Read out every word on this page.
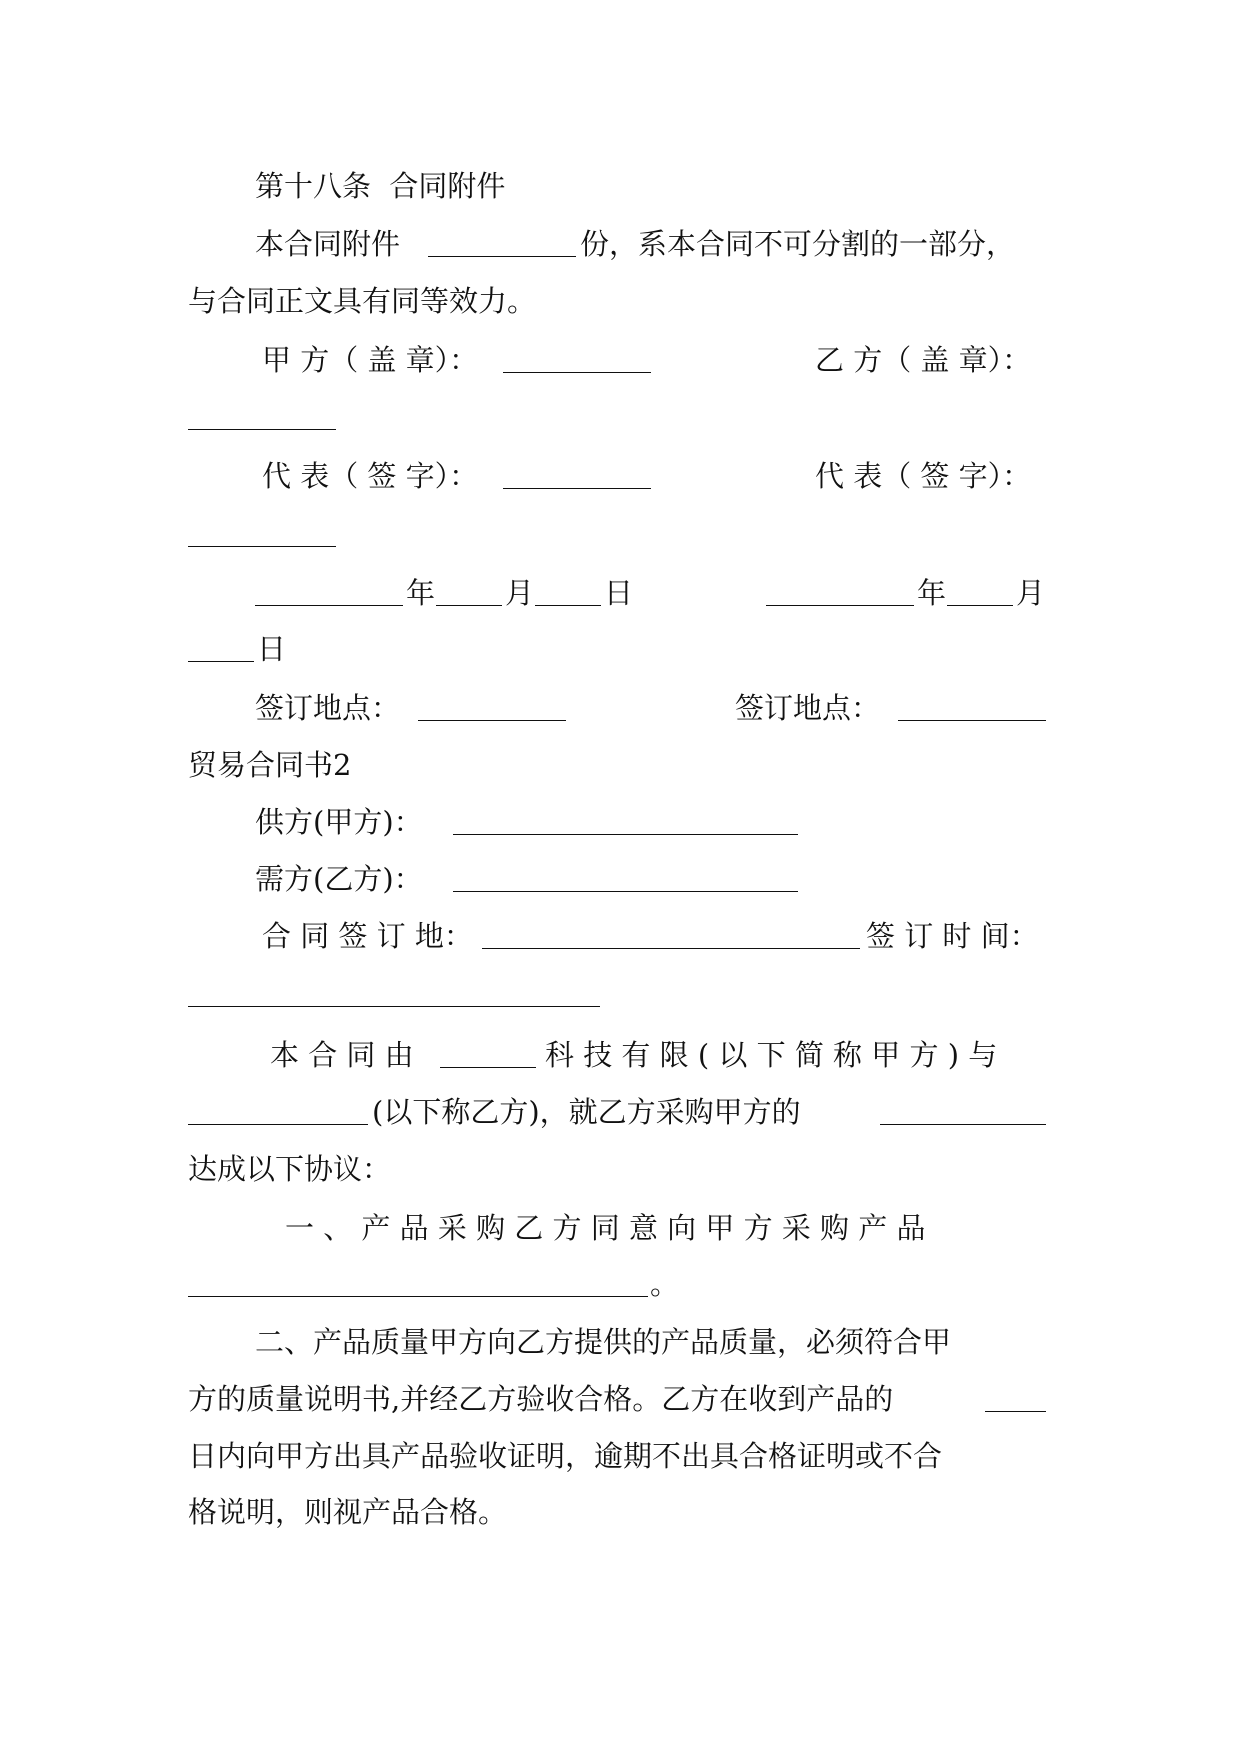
第十八条  合同附件

本合同附件	份，系本合同不可分割的一部分，

与合同正文具有同等效力。

甲 方（ 盖 章）：	乙 方（ 盖 章）：

代 表（ 签 字）：	代 表（ 签 字）：

年 月 日	年 月

日

签订地点：	签订地点：

贸易合同书2

供方(甲方)：

需方(乙方)：

合 同 签 订 地：	签 订 时 间：

本 合 同 由	科 技 有 限 ( 以 下 简 称 甲 方 ) 与

(以下称乙方)，就乙方采购甲方的

达成以下协议：

一 、 产 品 采 购 乙 方 同 意 向 甲 方 采 购 产 品

。

二、产品质量甲方向乙方提供的产品质量，必须符合甲

方的质量说明书,并经乙方验收合格。乙方在收到产品的

日内向甲方出具产品验收证明，逾期不出具合格证明或不合

格说明，则视产品合格。
